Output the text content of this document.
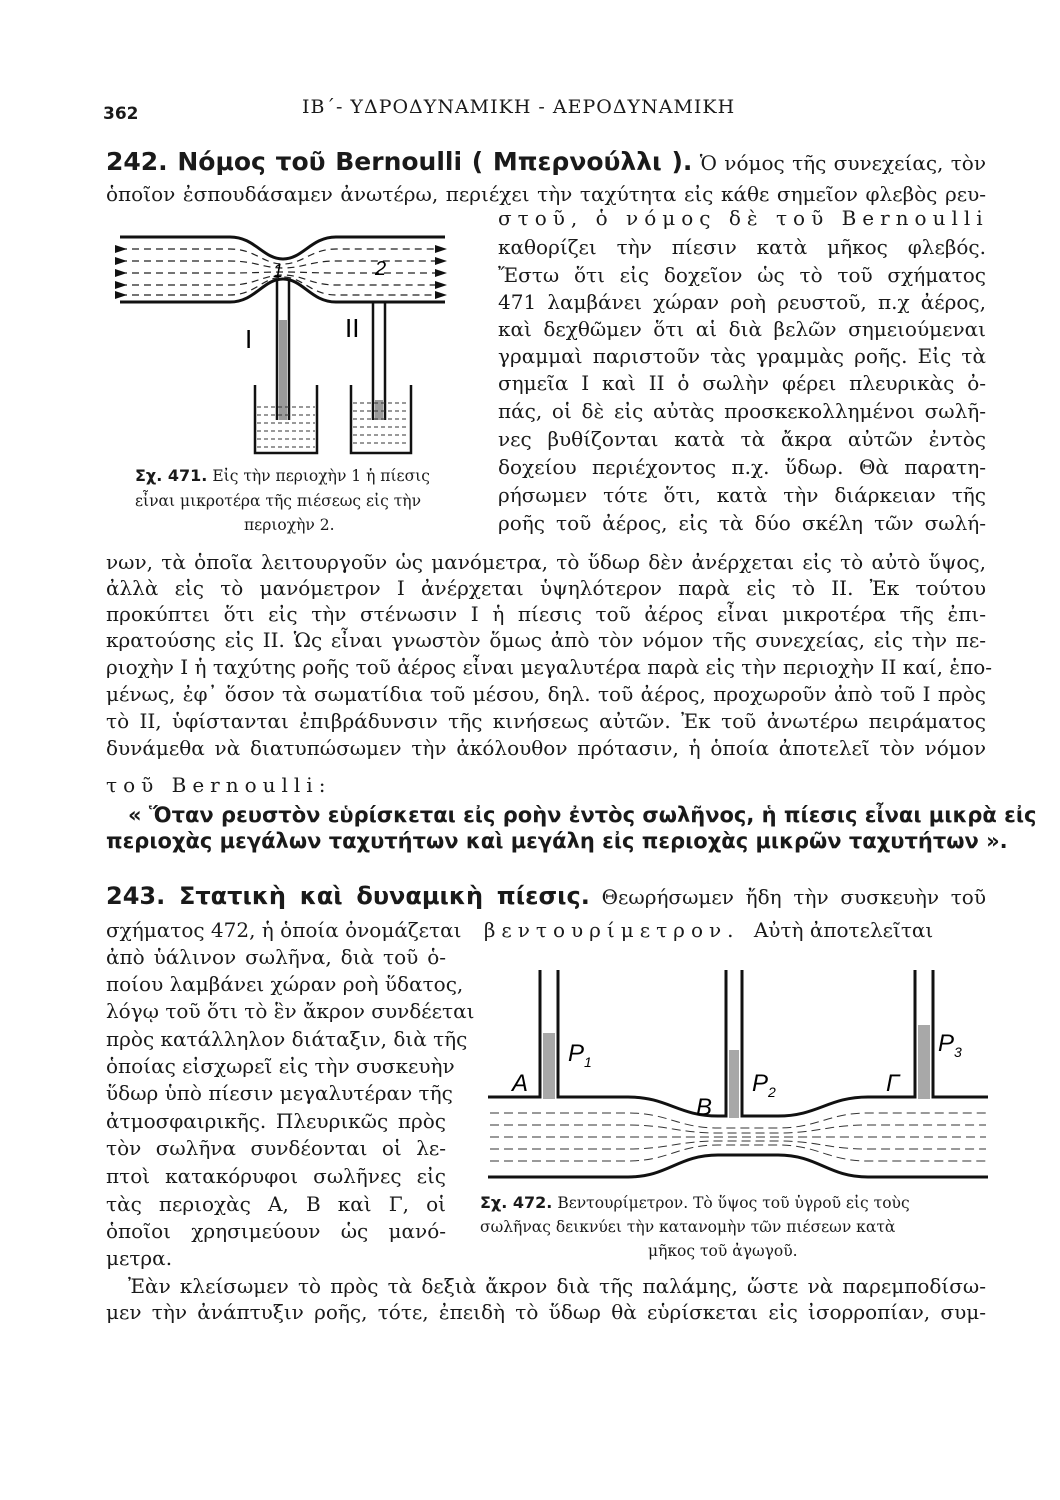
362	ΙΒ΄- ΥΔΡΟΔΥΝΑΜΙΚΗ - ΑΕΡΟΔΥΝΑΜΙΚΗ
242. Νόμος τοῦ Bernoulli ( Μπερνούλλι ). Ὁ νόμος τῆς συνεχείας, τὸν
ὁποῖον ἐσπουδάσαμεν ἀνωτέρω, περιέχει τὴν ταχύτητα εἰς κάθε σημεῖον φλεβὸς ρευ-
στοῦ, ὁ νόμος δὲ τοῦ Bernoulli
καθορίζει τὴν πίεσιν κατὰ μῆκος φλεβός.
Ἔστω ὅτι εἰς δοχεῖον ὡς τὸ τοῦ σχήματος
471 λαμβάνει χώραν ροὴ ρευστοῦ, π.χ ἀέρος,
καὶ δεχθῶμεν ὅτι αἱ διὰ βελῶν σημειούμεναι
γραμμαὶ παριστοῦν τὰς γραμμὰς ροῆς. Εἰς τὰ
σημεῖα Ι καὶ ΙΙ ὁ σωλὴν φέρει πλευρικὰς ὀ-
πάς, οἱ δὲ εἰς αὐτὰς προσκεκολλημένοι σωλῆ-
νες βυθίζονται κατὰ τὰ ἄκρα αὐτῶν ἐντὸς
δοχείου περιέχοντος π.χ. ὕδωρ. Θὰ παρατη-
ρήσωμεν τότε ὅτι, κατὰ τὴν διάρκειαν τῆς
ροῆς τοῦ ἀέρος, εἰς τὰ δύο σκέλη τῶν σωλή-
1	2
Ι	ΙΙ
Σχ. 471. Εἰς τὴν περιοχὴν 1 ἡ πίεσις
εἶναι μικροτέρα τῆς πιέσεως εἰς τὴν
περιοχὴν 2.
νων, τὰ ὁποῖα λειτουργοῦν ὡς μανόμετρα, τὸ ὕδωρ δὲν ἀνέρχεται εἰς τὸ αὐτὸ ὕψος,
ἀλλὰ εἰς τὸ μανόμετρον Ι ἀνέρχεται ὑψηλότερον παρὰ εἰς τὸ ΙΙ. Ἐκ τούτου
προκύπτει ὅτι εἰς τὴν στένωσιν Ι ἡ πίεσις τοῦ ἀέρος εἶναι μικροτέρα τῆς ἐπι-
κρατούσης εἰς ΙΙ. Ὡς εἶναι γνωστὸν ὅμως ἀπὸ τὸν νόμον τῆς συνεχείας, εἰς τὴν πε-
ριοχὴν Ι ἡ ταχύτης ροῆς τοῦ ἀέρος εἶναι μεγαλυτέρα παρὰ εἰς τὴν περιοχὴν ΙΙ καί, ἑπο-
μένως, ἐφ᾽ ὅσον τὰ σωματίδια τοῦ μέσου, δηλ. τοῦ ἀέρος, προχωροῦν ἀπὸ τοῦ Ι πρὸς
τὸ ΙΙ, ὑφίστανται ἐπιβράδυνσιν τῆς κινήσεως αὐτῶν. Ἐκ τοῦ ἀνωτέρω πειράματος
δυνάμεθα νὰ διατυπώσωμεν τὴν ἀκόλουθον πρότασιν, ἡ ὁποία ἀποτελεῖ τὸν νόμον
τοῦ Bernoulli:
« Ὅταν ρευστὸν εὑρίσκεται εἰς ροὴν ἐντὸς σωλῆνος, ἡ πίεσις εἶναι μικρὰ εἰς
περιοχὰς μεγάλων ταχυτήτων καὶ μεγάλη εἰς περιοχὰς μικρῶν ταχυτήτων ».
243. Στατικὴ καὶ δυναμικὴ πίεσις. Θεωρήσωμεν ἤδη τὴν συσκευὴν τοῦ
σχήματος 472, ἡ ὁποία ὀνομάζεται βεντουρίμετρον. Αὐτὴ ἀποτελεῖται
ἀπὸ ὑάλινον σωλῆνα, διὰ τοῦ ὁ-
ποίου λαμβάνει χώραν ροὴ ὕδατος,
λόγῳ τοῦ ὅτι τὸ ἓν ἄκρον συνδέεται
πρὸς κατάλληλον διάταξιν, διὰ τῆς
ὁποίας εἰσχωρεῖ εἰς τὴν συσκευὴν
ὕδωρ ὑπὸ πίεσιν μεγαλυτέραν τῆς
ἀτμοσφαιρικῆς. Πλευρικῶς πρὸς
τὸν σωλῆνα συνδέονται οἱ λε-
πτοὶ κατακόρυφοι σωλῆνες εἰς
τὰς περιοχὰς Α, Β καὶ Γ, οἱ
ὁποῖοι χρησιμεύουν ὡς μανό-
μετρα.
A
B
Γ
$P_1$
$P_2$
$P_3$
Σχ. 472. Βεντουρίμετρον. Τὸ ὕψος τοῦ ὑγροῦ εἰς τοὺς
σωλῆνας δεικνύει τὴν κατανομὴν τῶν πιέσεων κατὰ
μῆκος τοῦ ἀγωγοῦ.
Ἐὰν κλείσωμεν τὸ πρὸς τὰ δεξιὰ ἄκρον διὰ τῆς παλάμης, ὥστε νὰ παρεμποδίσω-
μεν τὴν ἀνάπτυξιν ροῆς, τότε, ἐπειδὴ τὸ ὕδωρ θὰ εὑρίσκεται εἰς ἰσορροπίαν, συμ-
